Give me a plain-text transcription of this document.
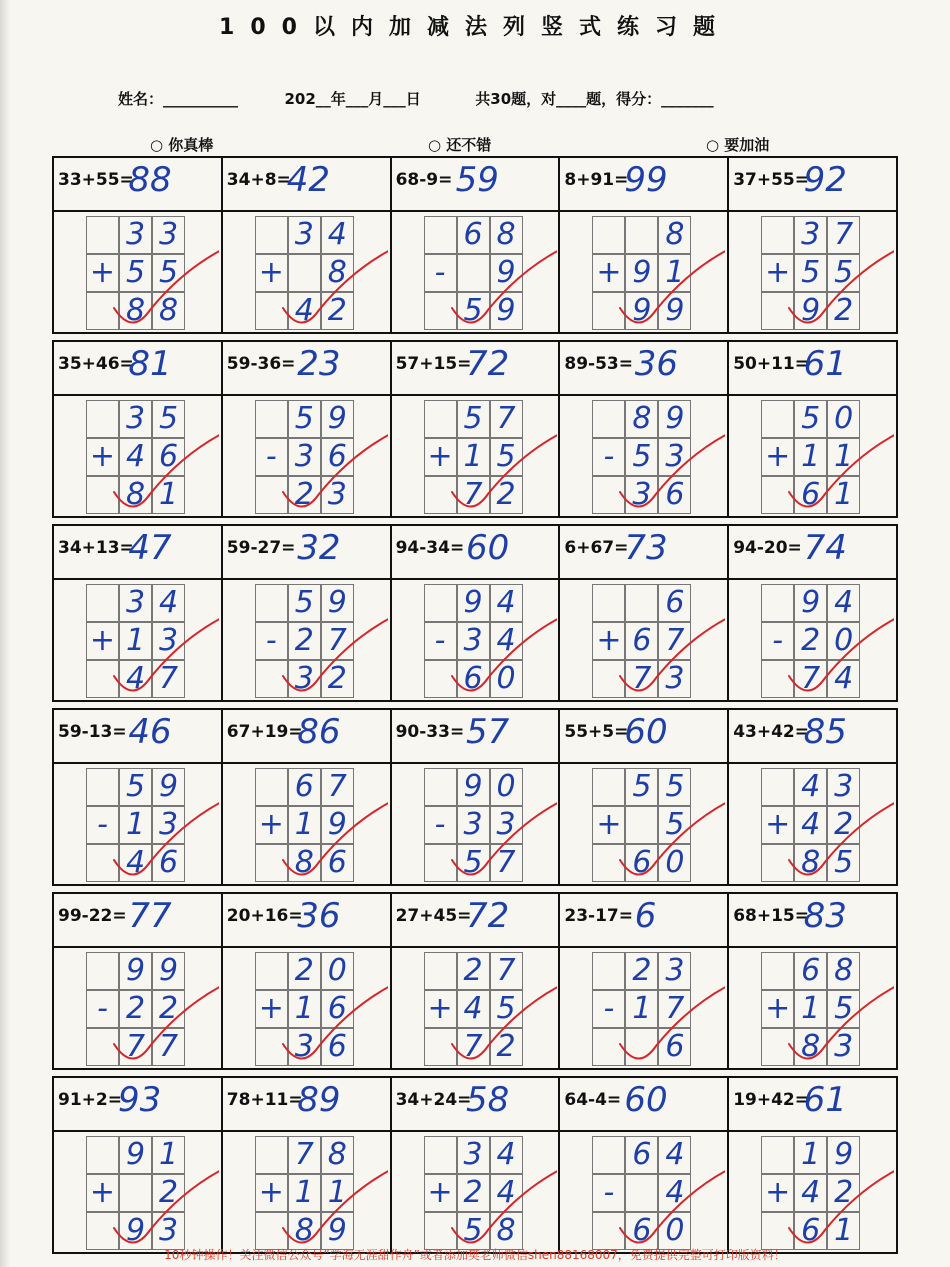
100以内加减法列竖式练习题
姓名：__________	202__年___月___日	共30题，对____题，得分：_______
○ 你真棒	○ 还不错	○ 要加油
33+55=
88
3 3
5 5
+
8 8
34+8=
42
3 4
8
+
4 2
68-9= 59
6 8
9
-
5 9
8+91=
99
8
9 1
+
9 9
37+55=
92
3 7
5 5
+
9 2
35+46=
81
3 5
4 6
+
8 1
59-36= 23
5 9
3 6
-
2 3
57+15=
72
5 7
1 5
+
7 2
89-53= 36
8 9
5 3
-
3 6
50+11=
61
5 0
1 1
+
6 1
34+13=
47
3 4
1 3
+
4 7
59-27= 32
5 9
2 7
-
3 2
94-34= 60
9 4
3 4
-
6 0
6+67=
73
6
6 7
+
7 3
94-20= 74
9 4
2 0
-
7 4
59-13= 46
5 9
1 3
-
4 6
67+19=
86
6 7
1 9
+
8 6
90-33= 57
9 0
3 3
-
5 7
55+5=
60
5 5
5
+
6 0
43+42=
85
4 3
4 2
+
8 5
99-22= 77
9 9
2 2
-
7 7
20+16=
36
2 0
1 6
+
3 6
27+45=
72
2 7
4 5
+
7 2
23-17= 6
2 3
1 7
-
6
68+15=
83
6 8
1 5
+
8 3
91+2=
93
9 1
2
+
9 3
78+11=
89
7 8
1 1
+
8 9
34+24=
58
3 4
2 4
+
5 8
64-4= 60
6 4
4
-
6 0
19+42=
61
1 9
4 2
+
6 1
10秒钟操作！关注微信公众号“学海无涯甜作舟”或者添加樊老师微信shen88168007，免费提供完整可打印版资料！
